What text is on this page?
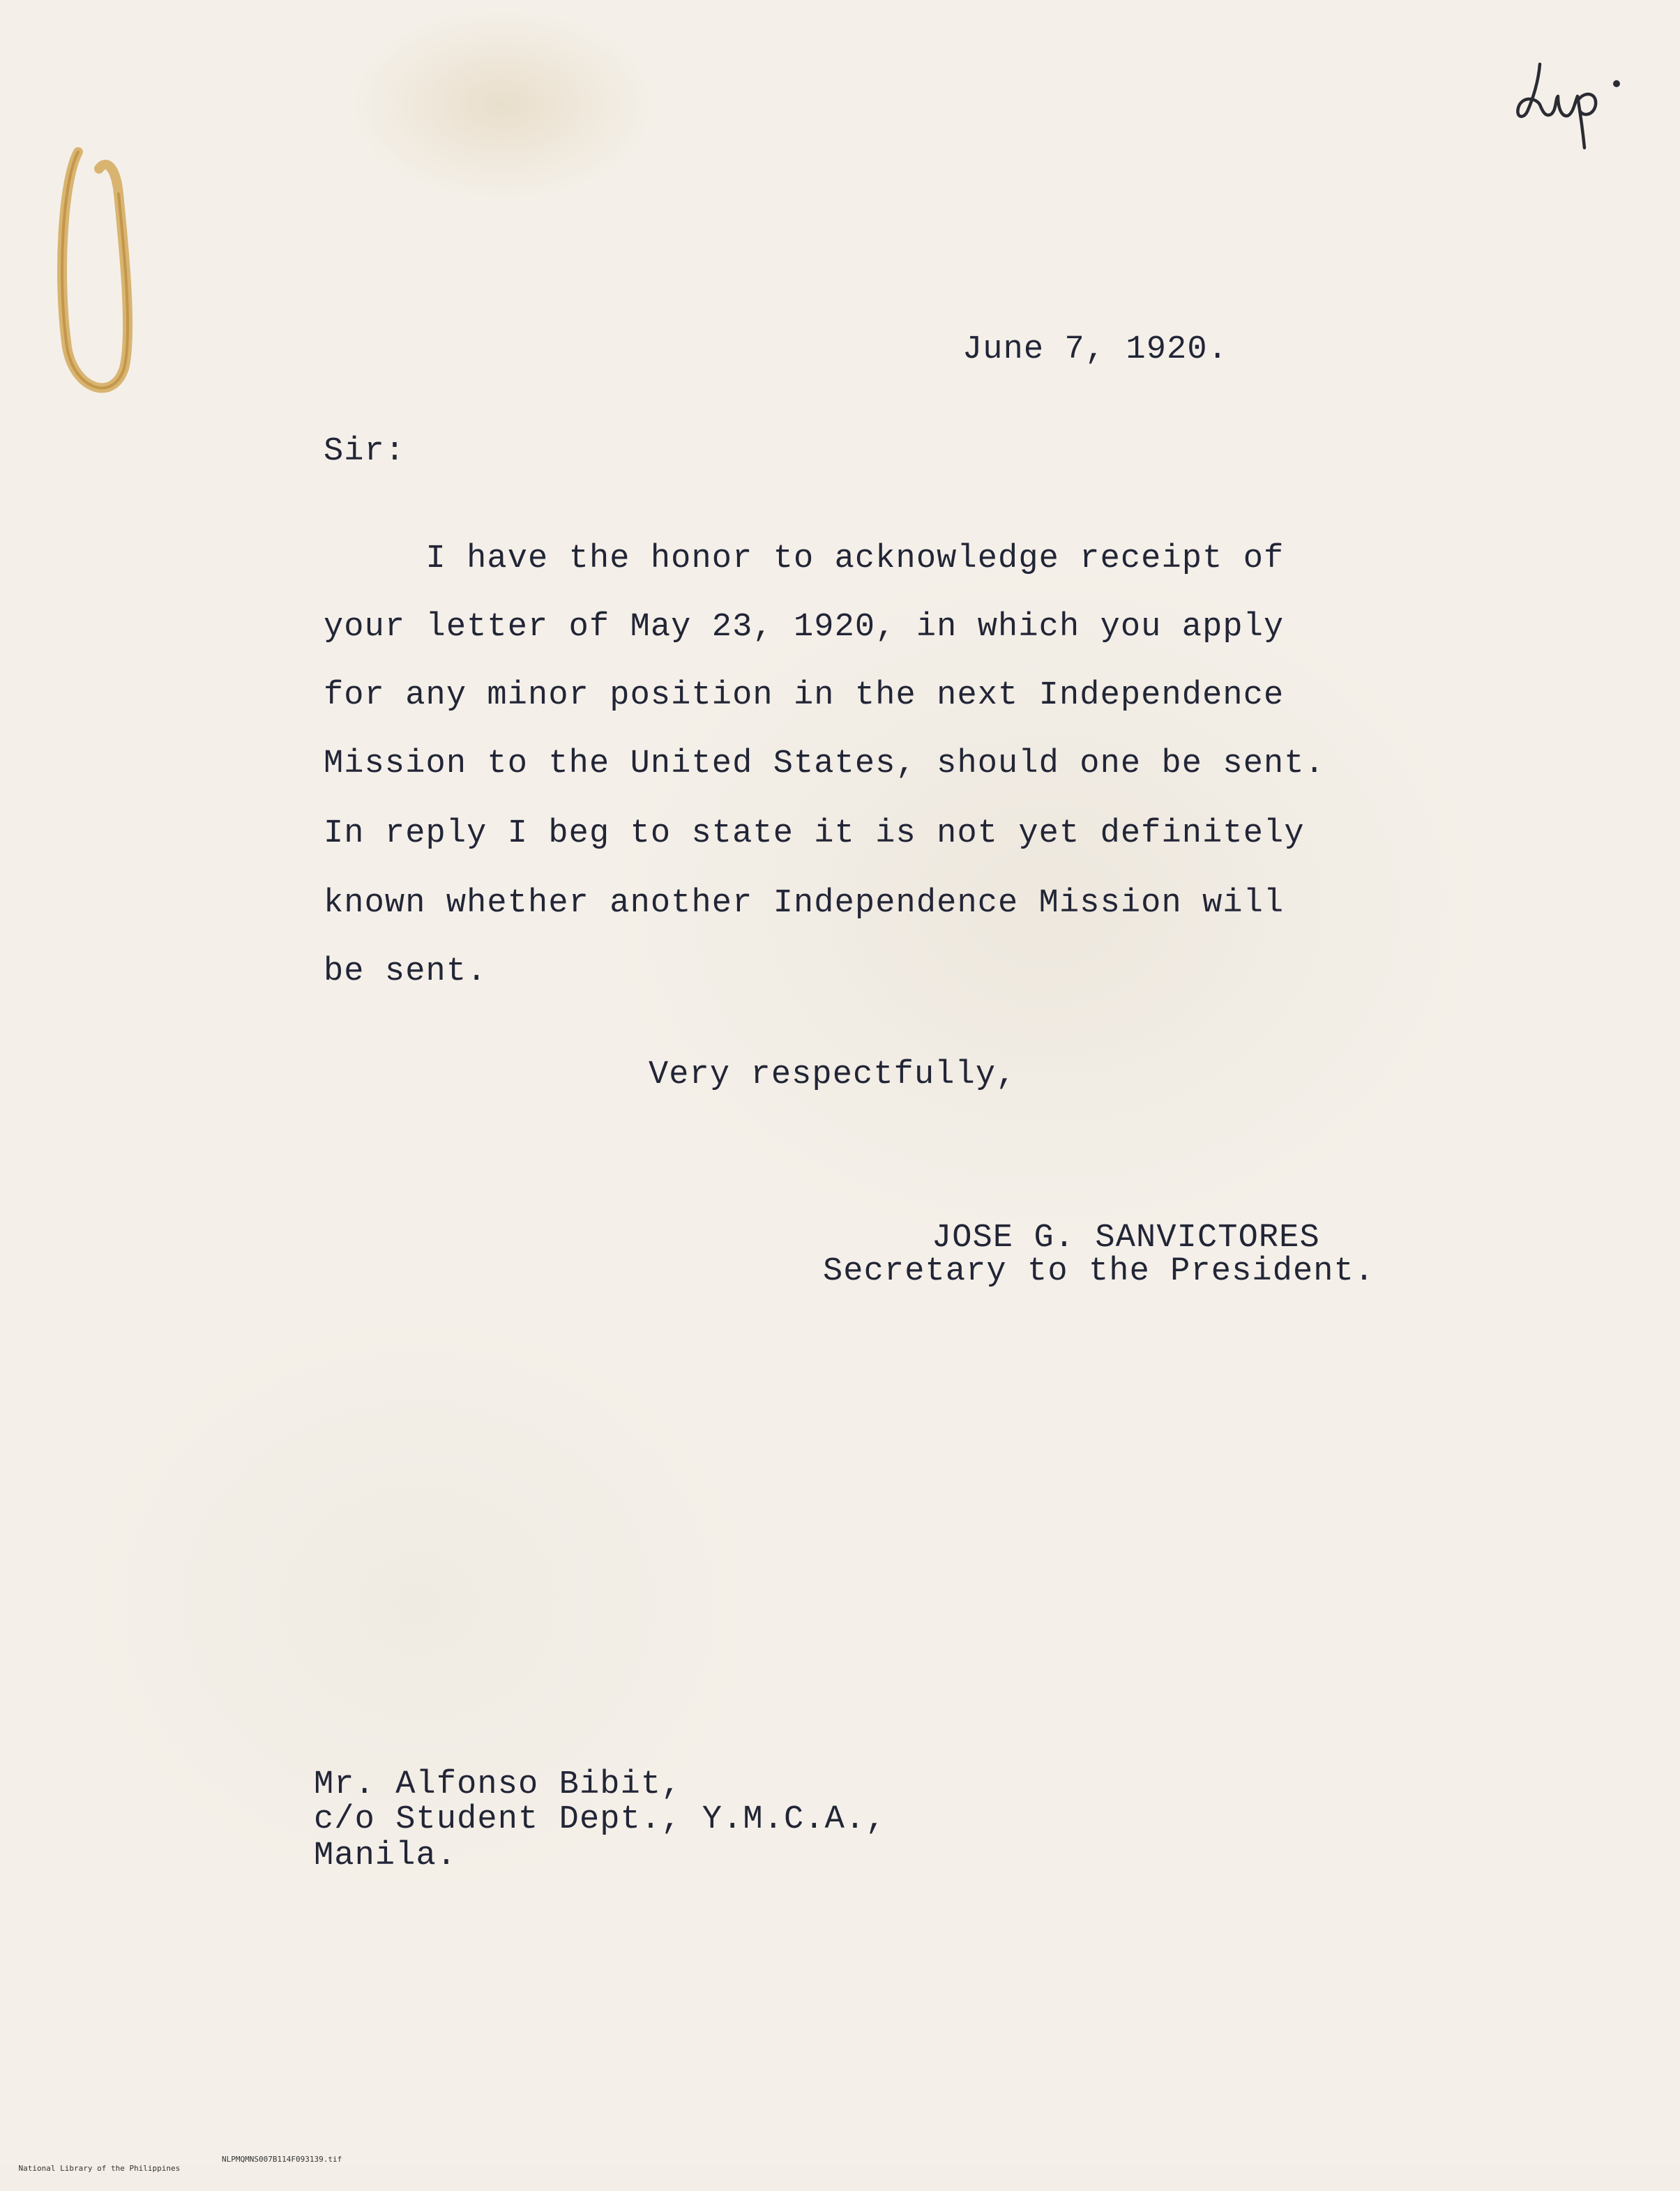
June 7, 1920.
Sir:
I have the honor to acknowledge receipt of
your letter of May 23, 1920, in which you apply
for any minor position in the next Independence
Mission to the United States, should one be sent.
In reply I beg to state it is not yet definitely
known whether another Independence Mission will
be sent.
Very respectfully,
JOSE G. SANVICTORES
Secretary to the President.
Mr. Alfonso Bibit,
c/o Student Dept., Y.M.C.A.,
Manila.

National Library of the Philippines

NLPMQMNS007B114F093139.tif
